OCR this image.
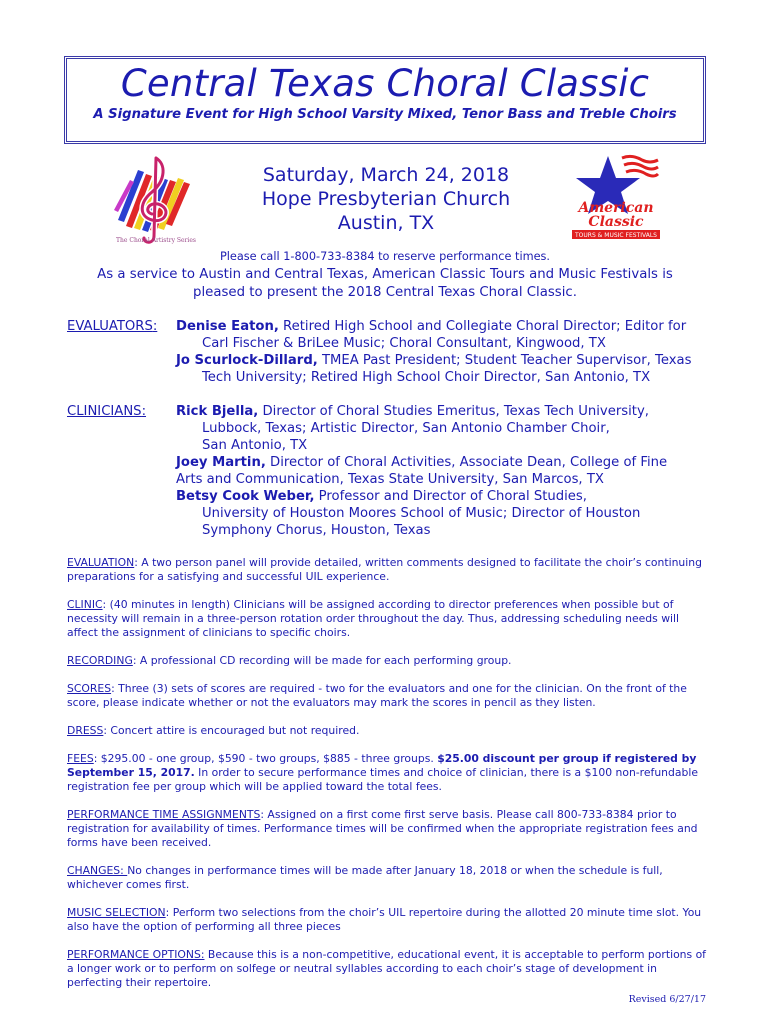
Central Texas Choral Classic
A Signature Event for High School Varsity Mixed, Tenor Bass and Treble Choirs
The Choral Artistry Series
Saturday, March 24, 2018
Hope Presbyterian Church
Austin, TX
American
Classic
TOURS & MUSIC FESTIVALS
Please call 1-800-733-8384 to reserve performance times.
As a service to Austin and Central Texas, American Classic Tours and Music Festivals is
pleased to present the 2018 Central Texas Choral Classic.
EVALUATORS: Denise Eaton, Retired High School and Collegiate Choral Director; Editor for
Carl Fischer & BriLee Music; Choral Consultant, Kingwood, TX
Jo Scurlock-Dillard, TMEA Past President; Student Teacher Supervisor, Texas
Tech University; Retired High School Choir Director, San Antonio, TX
CLINICIANS: Rick Bjella, Director of Choral Studies Emeritus, Texas Tech University,
Lubbock, Texas; Artistic Director, San Antonio Chamber Choir,
San Antonio, TX
Joey Martin, Director of Choral Activities, Associate Dean, College of Fine
Arts and Communication, Texas State University, San Marcos, TX
Betsy Cook Weber, Professor and Director of Choral Studies,
University of Houston Moores School of Music; Director of Houston
Symphony Chorus, Houston, Texas
EVALUATION: A two person panel will provide detailed, written comments designed to facilitate the choir’s continuing preparations for a satisfying and successful UIL experience.
CLINIC: (40 minutes in length) Clinicians will be assigned according to director preferences when possible but of necessity will remain in a three-person rotation order throughout the day. Thus, addressing scheduling needs will affect the assignment of clinicians to specific choirs.
RECORDING: A professional CD recording will be made for each performing group.
SCORES: Three (3) sets of scores are required - two for the evaluators and one for the clinician. On the front of the score, please indicate whether or not the evaluators may mark the scores in pencil as they listen.
DRESS: Concert attire is encouraged but not required.
FEES: $295.00 - one group, $590 - two groups, $885 - three groups. $25.00 discount per group if registered by September 15, 2017. In order to secure performance times and choice of clinician, there is a $100 non-refundable registration fee per group which will be applied toward the total fees.
PERFORMANCE TIME ASSIGNMENTS: Assigned on a first come first serve basis. Please call 800-733-8384 prior to registration for availability of times. Performance times will be confirmed when the appropriate registration fees and forms have been received.
CHANGES: No changes in performance times will be made after January 18, 2018 or when the schedule is full, whichever comes first.
MUSIC SELECTION: Perform two selections from the choir’s UIL repertoire during the allotted 20 minute time slot. You also have the option of performing all three pieces
PERFORMANCE OPTIONS: Because this is a non-competitive, educational event, it is acceptable to perform portions of a longer work or to perform on solfege or neutral syllables according to each choir’s stage of development in perfecting their repertoire.
Revised 6/27/17
